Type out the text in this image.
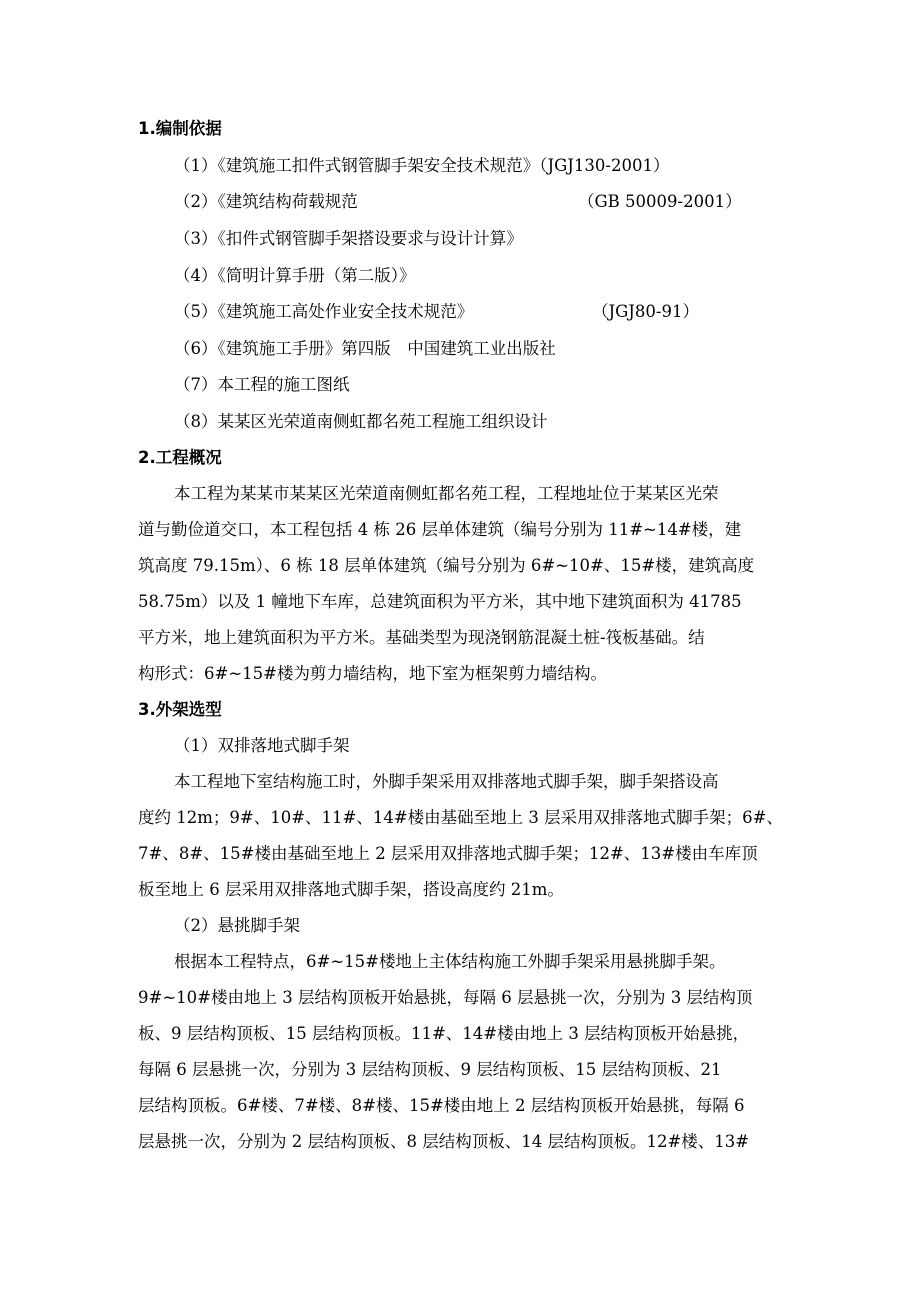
1.编制依据
（1）《建筑施工扣件式钢管脚手架安全技术规范》（JGJ130-2001）
（2）《建筑结构荷载规范	（GB 50009-2001）
（3）《扣件式钢管脚手架搭设要求与设计计算》
（4）《简明计算手册（第二版）》
（5）《建筑施工高处作业安全技术规范》	（JGJ80-91）
（6）《建筑施工手册》第四版　中国建筑工业出版社
（7）本工程的施工图纸
（8）某某区光荣道南侧虹都名苑工程施工组织设计
2.工程概况
本工程为某某市某某区光荣道南侧虹都名苑工程，工程地址位于某某区光荣
道与勤俭道交口，本工程包括 4 栋 26 层单体建筑（编号分别为 11#~14#楼，建
筑高度 79.15m）、6 栋 18 层单体建筑（编号分别为 6#~10#、15#楼，建筑高度
58.75m）以及 1 幢地下车库，总建筑面积为平方米，其中地下建筑面积为 41785
平方米，地上建筑面积为平方米。基础类型为现浇钢筋混凝土桩-筏板基础。结
构形式：6#~15#楼为剪力墙结构，地下室为框架剪力墙结构。
3.外架选型
（1）双排落地式脚手架
本工程地下室结构施工时，外脚手架采用双排落地式脚手架，脚手架搭设高
度约 12m；9#、10#、11#、14#楼由基础至地上 3 层采用双排落地式脚手架；6#、
7#、8#、15#楼由基础至地上 2 层采用双排落地式脚手架；12#、13#楼由车库顶
板至地上 6 层采用双排落地式脚手架，搭设高度约 21m。
（2）悬挑脚手架
根据本工程特点，6#~15#楼地上主体结构施工外脚手架采用悬挑脚手架。
9#~10#楼由地上 3 层结构顶板开始悬挑，每隔 6 层悬挑一次，分别为 3 层结构顶
板、9 层结构顶板、15 层结构顶板。11#、14#楼由地上 3 层结构顶板开始悬挑，
每隔 6 层悬挑一次，分别为 3 层结构顶板、9 层结构顶板、15 层结构顶板、21
层结构顶板。6#楼、7#楼、8#楼、15#楼由地上 2 层结构顶板开始悬挑，每隔 6
层悬挑一次，分别为 2 层结构顶板、8 层结构顶板、14 层结构顶板。12#楼、13#
